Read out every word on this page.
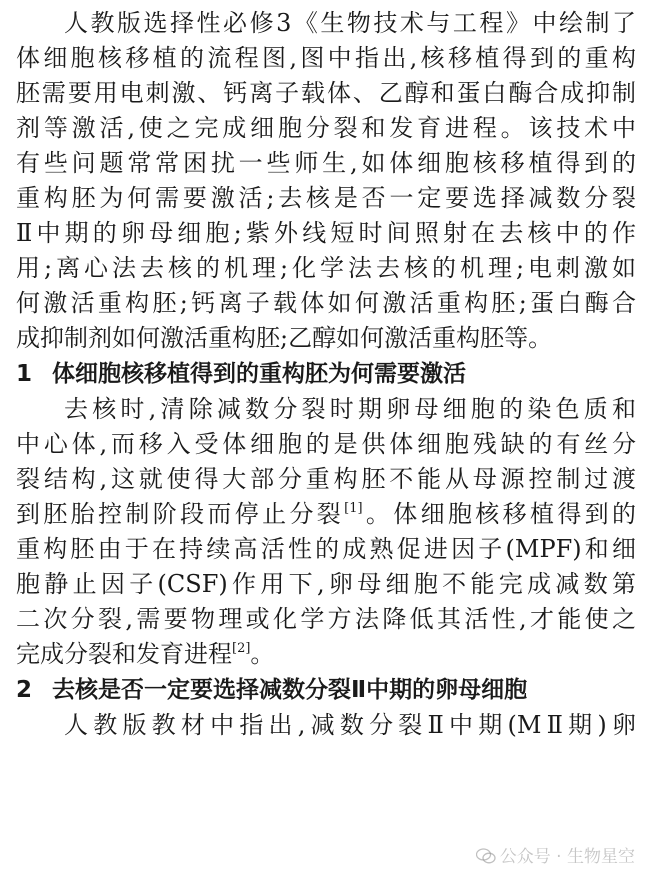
人教版选择性必修3《生物技术与工程》中绘制了
体细胞核移植的流程图,图中指出,核移植得到的重构
胚需要用电刺激、钙离子载体、乙醇和蛋白酶合成抑制
剂等激活,使之完成细胞分裂和发育进程。该技术中
有些问题常常困扰一些师生,如体细胞核移植得到的
重构胚为何需要激活;去核是否一定要选择减数分裂
Ⅱ中期的卵母细胞;紫外线短时间照射在去核中的作
用;离心法去核的机理;化学法去核的机理;电刺激如
何激活重构胚;钙离子载体如何激活重构胚;蛋白酶合
成抑制剂如何激活重构胚;乙醇如何激活重构胚等。
1 体细胞核移植得到的重构胚为何需要激活
去核时,清除减数分裂时期卵母细胞的染色质和
中心体,而移入受体细胞的是供体细胞残缺的有丝分
裂结构,这就使得大部分重构胚不能从母源控制过渡
到胚胎控制阶段而停止分裂[1]。体细胞核移植得到的
重构胚由于在持续高活性的成熟促进因子(MPF)和细
胞静止因子(CSF)作用下,卵母细胞不能完成减数第
二次分裂,需要物理或化学方法降低其活性,才能使之
完成分裂和发育进程[2]。
2 去核是否一定要选择减数分裂Ⅱ中期的卵母细胞
人教版教材中指出,减数分裂Ⅱ中期(MⅡ期)卵
公众号 · 生物星空
